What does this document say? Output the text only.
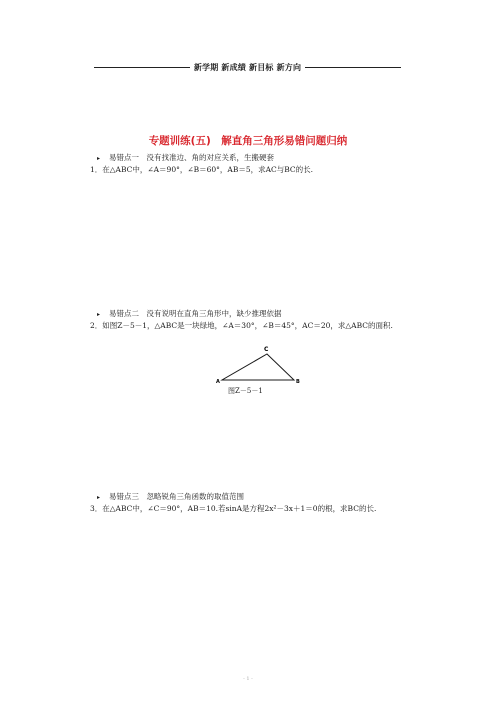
新学期 新成绩 新目标 新方向
专题训练(五)　解直角三角形易错问题归纳
▸ 易错点一　没有找准边、角的对应关系，生搬硬套
1．在△ABC中，∠A＝90°，∠B＝60°，AB＝5，求AC与BC的长.
▸ 易错点二　没有说明在直角三角形中，缺少推理依据
2．如图Z－5－1，△ABC是一块绿地，∠A＝30°，∠B＝45°，AC＝20，求△ABC的面积.
A	B
C
图Z－5－1
▸ 易错点三　忽略锐角三角函数的取值范围
3．在△ABC中，∠C＝90°，AB＝10.若sinA是方程2x²－3x＋1＝0的根，求BC的长.
- 1 -
